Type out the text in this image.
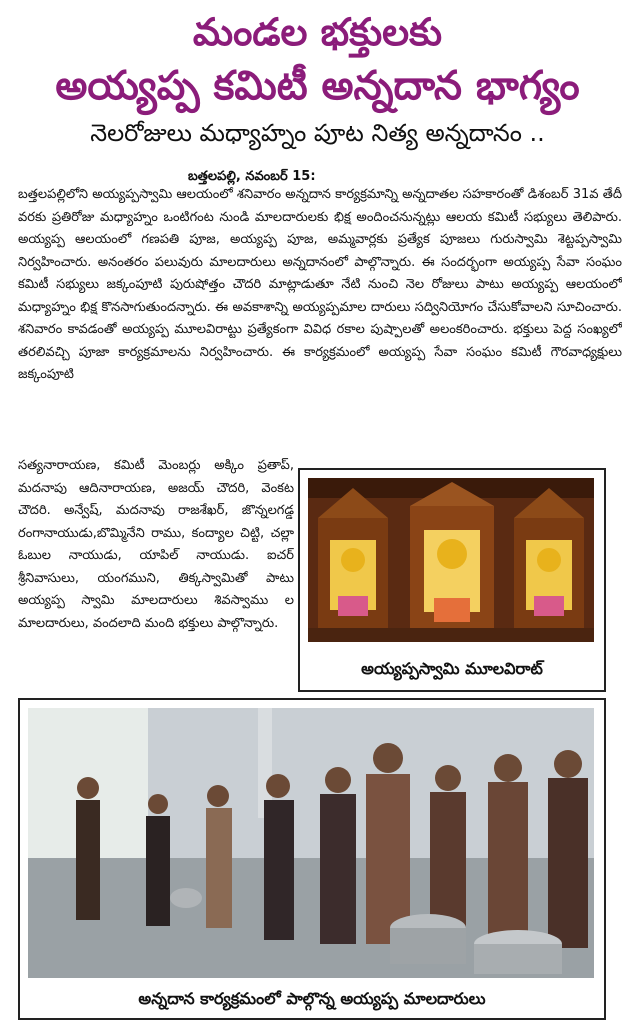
మండల భక్తులకు
అయ్యప్ప కమిటీ అన్నదాన భాగ్యం
నెలరోజులు మధ్యాహ్నం పూట నిత్య అన్నదానం ..
బత్తలపల్లి, నవంబర్ 15:
బత్తలపల్లిలోని అయ్యప్పస్వామి ఆలయంలో శనివారం అన్నదాన కార్యక్రమాన్ని అన్నదాతల సహకారంతో డిశంబర్ 31వ తేదీ వరకు ప్రతిరోజు మధ్యాహ్నం ఒంటిగంట నుండి మాలదారులకు భిక్ష అందించనున్నట్లు ఆలయ కమిటీ సభ్యులు తెలిపారు. అయ్యప్ప ఆలయంలో గణపతి పూజ, అయ్యప్ప పూజ, అమ్మవార్లకు ప్రత్యేక పూజలు గురుస్వామి శెట్టప్పస్వామి నిర్వహించారు. అనంతరం పలువురు మాలదారులు అన్నదానంలో పాల్గొన్నారు. ఈ సందర్భంగా అయ్యప్ప సేవా సంఘం కమిటీ సభ్యులు జక్కంపూటి పురుషోత్తం చౌదరి మాట్లాడుతూ నేటి నుంచి నెల రోజులు పాటు అయ్యప్ప ఆలయంలో మధ్యాహ్నం భిక్ష కొనసాగుతుందన్నారు. ఈ అవకాశాన్ని అయ్యప్పమాల దారులు సద్వినియోగం చేసుకోవాలని సూచించారు. శనివారం కావడంతో అయ్యప్ప మూలవిరాట్టు ప్రత్యేకంగా వివిధ రకాల పుష్పాలతో అలంకరించారు. భక్తులు పెద్ద సంఖ్యలో తరలివచ్చి పూజా కార్యక్రమాలను నిర్వహించారు. ఈ కార్యక్రమంలో అయ్యప్ప సేవా సంఘం కమిటీ గౌరవాధ్యక్షులు జక్కంపూటి
సత్యనారాయణ, కమిటీ మెంబర్లు అక్కిం ప్రతాప్, మదనాపు ఆదినారాయణ, అజయ్ చౌదరి, వెంకట చౌదరి. అన్వేష్, మదనావు రాజశేఖర్, జొన్నలగడ్డ రంగానాయుడు,బొమ్మినేని రాము, కంద్యాల చిట్టి, చల్లా ఓబుల నాయుడు, యాపిల్ నాయుడు. ఐచర్ శ్రీనివాసులు, యంగముని, తిక్కస్వామితో పాటు అయ్యప్ప స్వామి మాలదారులు శివస్వాము ల మాలదారులు, వందలాది మంది భక్తులు పాల్గొన్నారు.
అయ్యప్పస్వామి మూలవిరాట్
అన్నదాన కార్యక్రమంలో పాల్గొన్న అయ్యప్ప మాలదారులు
